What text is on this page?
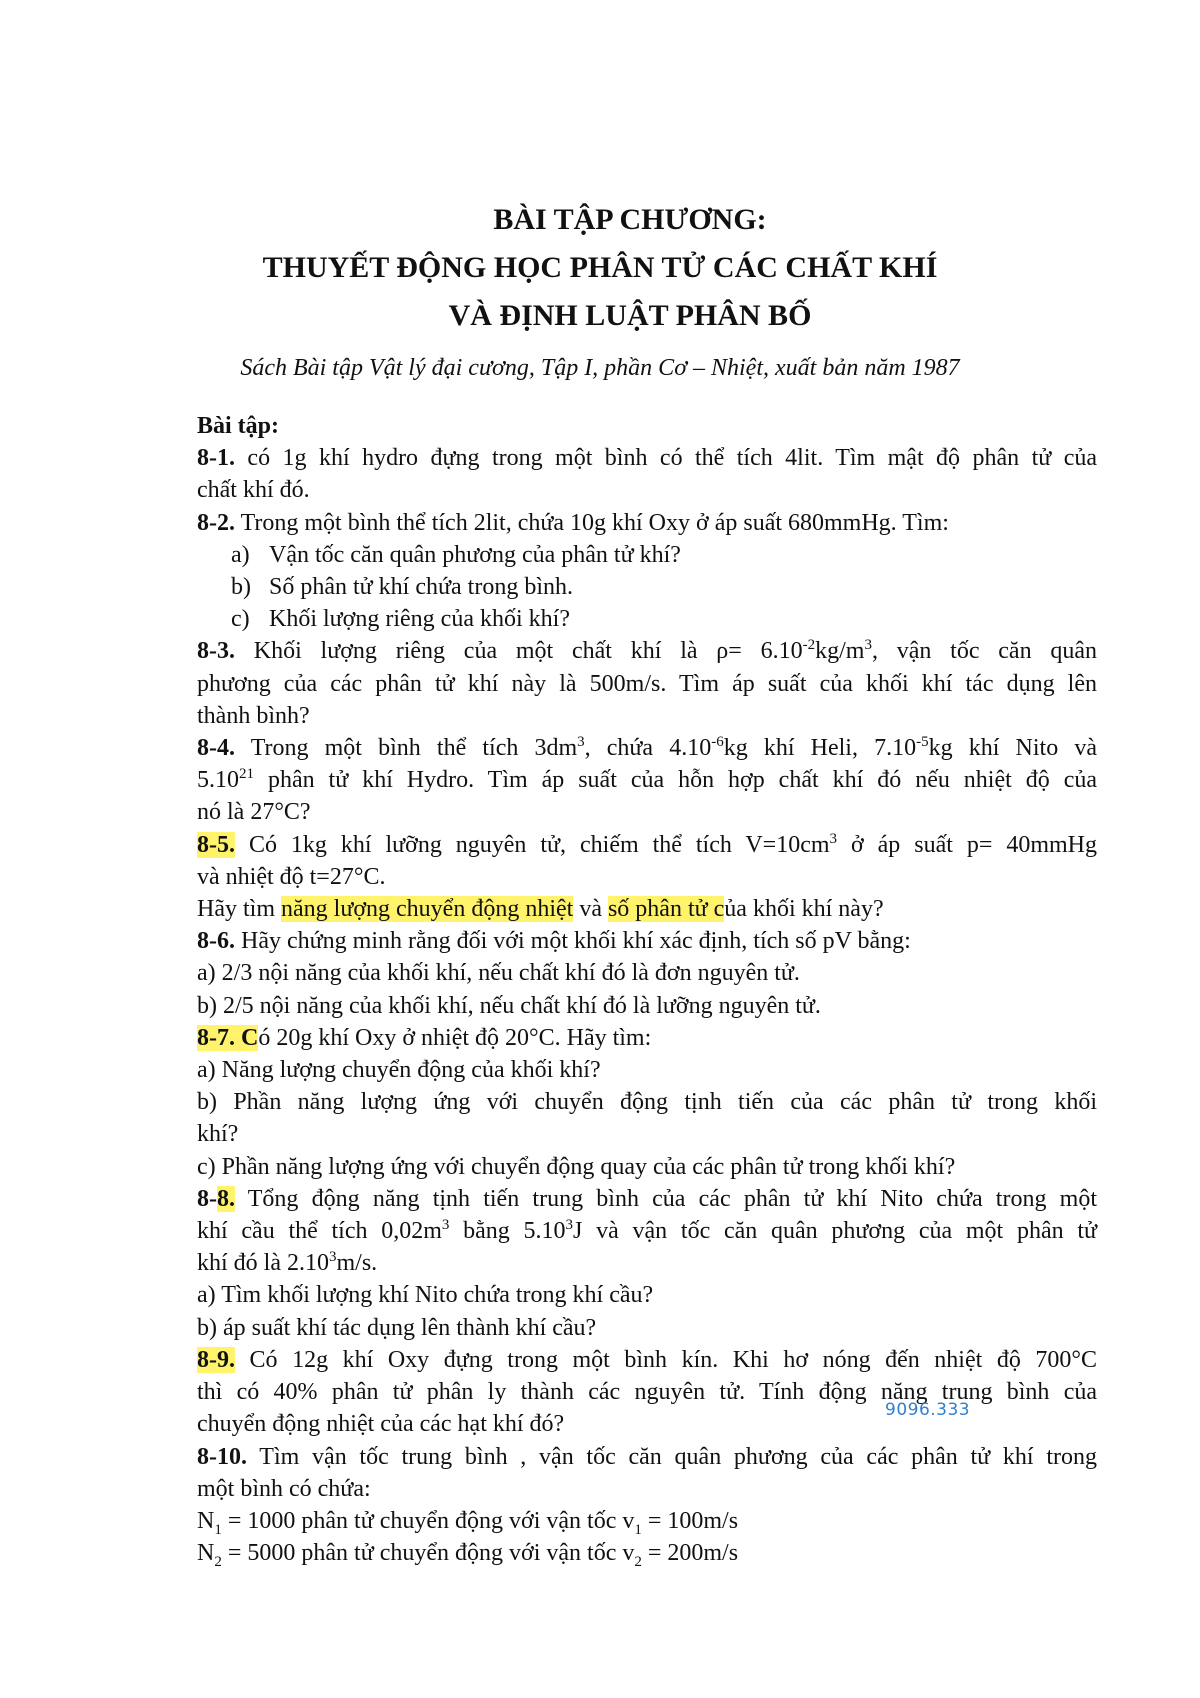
BÀI TẬP CHƯƠNG:
THUYẾT ĐỘNG HỌC PHÂN TỬ CÁC CHẤT KHÍ
VÀ ĐỊNH LUẬT PHÂN BỐ
Sách Bài tập Vật lý đại cương, Tập I, phần Cơ – Nhiệt, xuất bản năm 1987
Bài tập:
8-1. có 1g khí hydro đựng trong một bình có thể tích 4lit. Tìm mật độ phân tử của
chất khí đó.
8-2. Trong một bình thể tích 2lit, chứa 10g khí Oxy ở áp suất 680mmHg. Tìm:
a) Vận tốc căn quân phương của phân tử khí?
b) Số phân tử khí chứa trong bình.
c) Khối lượng riêng của khối khí?
8-3. Khối lượng riêng của một chất khí là $\rho= 6.10^{-2}kg/m^3$, vận tốc căn quân
phương của các phân tử khí này là 500m/s. Tìm áp suất của khối khí tác dụng lên
thành bình?
8-4. Trong một bình thể tích $3dm^3$, chứa $4.10^{-6}kg$ khí Heli, $7.10^{-5}kg$ khí Nito và
5.10$^{21}$ phân tử khí Hydro. Tìm áp suất của hỗn hợp chất khí đó nếu nhiệt độ của
nó là 27°C?
8-5. Có 1kg khí lưỡng nguyên tử, chiếm thể tích $V=10cm^3$ ở áp suất p= 40mmHg
và nhiệt độ t=27°C.
Hãy tìm năng lượng chuyển động nhiệt và số phân tử của khối khí này?
8-6. Hãy chứng minh rằng đối với một khối khí xác định, tích số pV bằng:
a) 2/3 nội năng của khối khí, nếu chất khí đó là đơn nguyên tử.
b) 2/5 nội năng của khối khí, nếu chất khí đó là lưỡng nguyên tử.
8-7. Có 20g khí Oxy ở nhiệt độ 20°C. Hãy tìm:
a) Năng lượng chuyển động của khối khí?
b) Phần năng lượng ứng với chuyển động tịnh tiến của các phân tử trong khối
khí?
c) Phần năng lượng ứng với chuyển động quay của các phân tử trong khối khí?
8-8. Tổng động năng tịnh tiến trung bình của các phân tử khí Nito chứa trong một
khí cầu thể tích $0,02m^3$ bằng 5.10$^3$J và vận tốc căn quân phương của một phân tử
khí đó là 2.10$^3$m/s.
a) Tìm khối lượng khí Nito chứa trong khí cầu?
b) áp suất khí tác dụng lên thành khí cầu?
8-9. Có 12g khí Oxy đựng trong một bình kín. Khi hơ nóng đến nhiệt độ 700°C
thì có 40% phân tử phân ly thành các nguyên tử. Tính động năng trung bình của
chuyển động nhiệt của các hạt khí đó?
8-10. Tìm vận tốc trung bình , vận tốc căn quân phương của các phân tử khí trong
một bình có chứa:
$N_1 = 1000$ phân tử chuyển động với vận tốc $v_1 = 100m/s$
$N_2 = 5000$ phân tử chuyển động với vận tốc $v_2 = 200m/s$
9096.333
